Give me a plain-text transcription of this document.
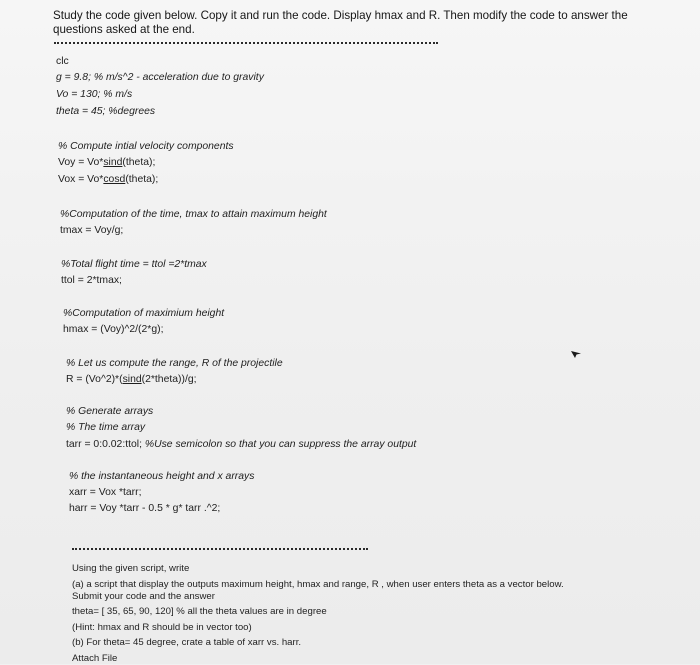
Study the code given below. Copy it and run the code. Display hmax and R. Then modify the code to answer the questions asked at the end.
clc
g = 9.8; % m/s^2 - acceleration due to gravity
Vo = 130; % m/s
theta = 45; %degrees
% Compute intial velocity components
Voy = Vo*sind(theta);
Vox = Vo*cosd(theta);
%Computation of the time, tmax to attain maximum height
tmax = Voy/g;
%Total flight time = ttol =2*tmax
ttol = 2*tmax;
%Computation of maximium height
hmax = (Voy)^2/(2*g);
% Let us compute the range, R of the projectile
R = (Vo^2)*(sind(2*theta))/g;
% Generate arrays
% The time array
tarr = 0:0.02:ttol; %Use semicolon so that you can suppress the array output
% the instantaneous height and x arrays
xarr = Vox *tarr;
harr = Voy *tarr - 0.5 * g* tarr .^2;
Using the given script, write
(a) a script that display the outputs maximum height, hmax and range, R , when user enters theta as a vector below.
Submit your code and the answer
theta= [ 35, 65, 90, 120] % all the theta values are in degree
(Hint: hmax and R should be in vector too)
(b) For theta= 45 degree, crate a table of xarr vs. harr.
Attach File
